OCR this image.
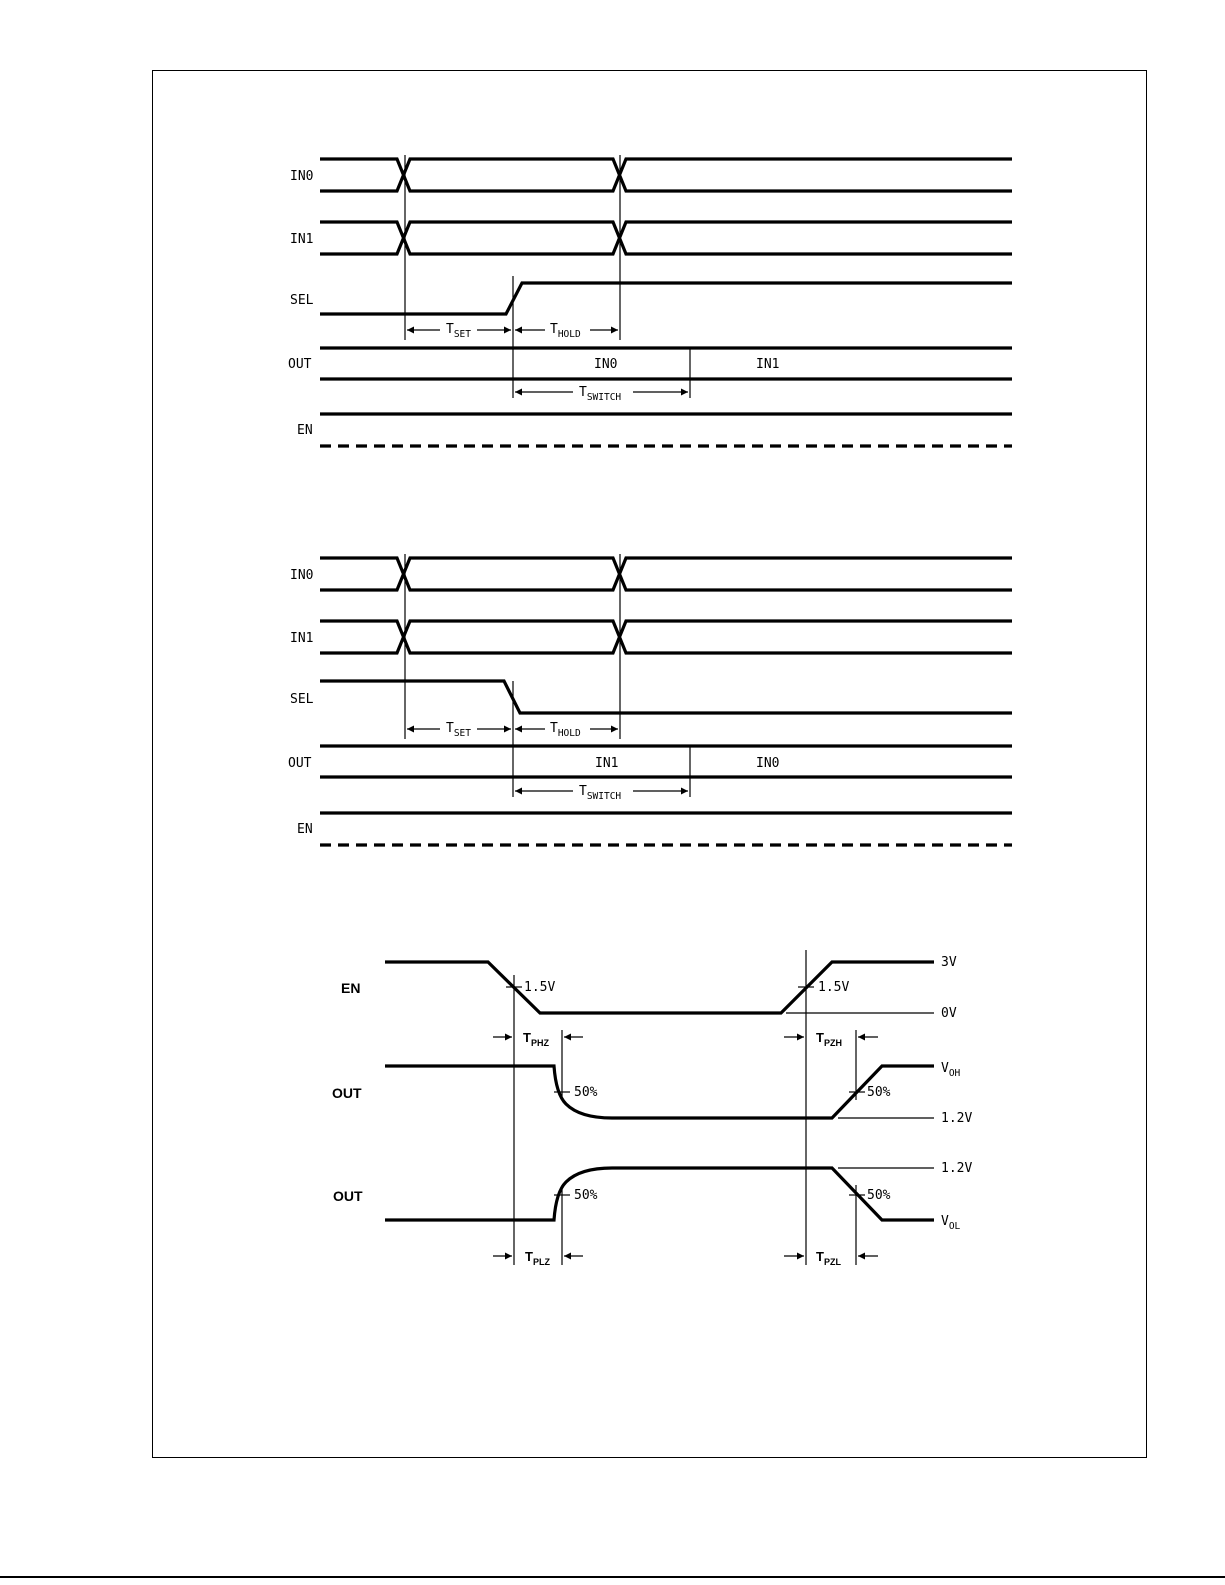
IN0
IN1
SEL
$T_{SET}$	$T_{HOLD}$
OUT	IN0	IN1
$T_{SWITCH}$
EN
IN0
IN1
SEL
$T_{SET}$	$T_{HOLD}$
OUT	IN1	IN0
$T_{SWITCH}$
EN
EN
3V
0V
1.5V	1.5V
$T_{PHZ}$	$T_{PZH}$
OUT	50%	50%
$V_{OH}$
1.2V
OUT	50%	50%
1.2V
$V_{OL}$
$T_{PLZ}$	$T_{PZL}$
